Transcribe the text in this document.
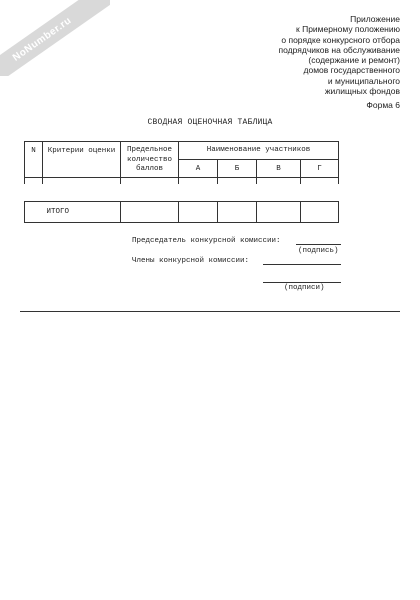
NoNumber.ru	Приложение
к Примерному положению
о порядке конкурсного отбора
подрядчиков на обслуживание
(содержание и ремонт)
домов государственного
и муниципального
жилищных фондов
Форма 6
СВОДНАЯ ОЦЕНОЧНАЯ ТАБЛИЦА
N	Критерии оценки	Предельное
количество
баллов	Наименование участников			
			А	Б	В	Г

	ИТОГО					
Председатель конкурсной комиссии:
(подпись)
Члены конкурсной комиссии:
(подписи)
